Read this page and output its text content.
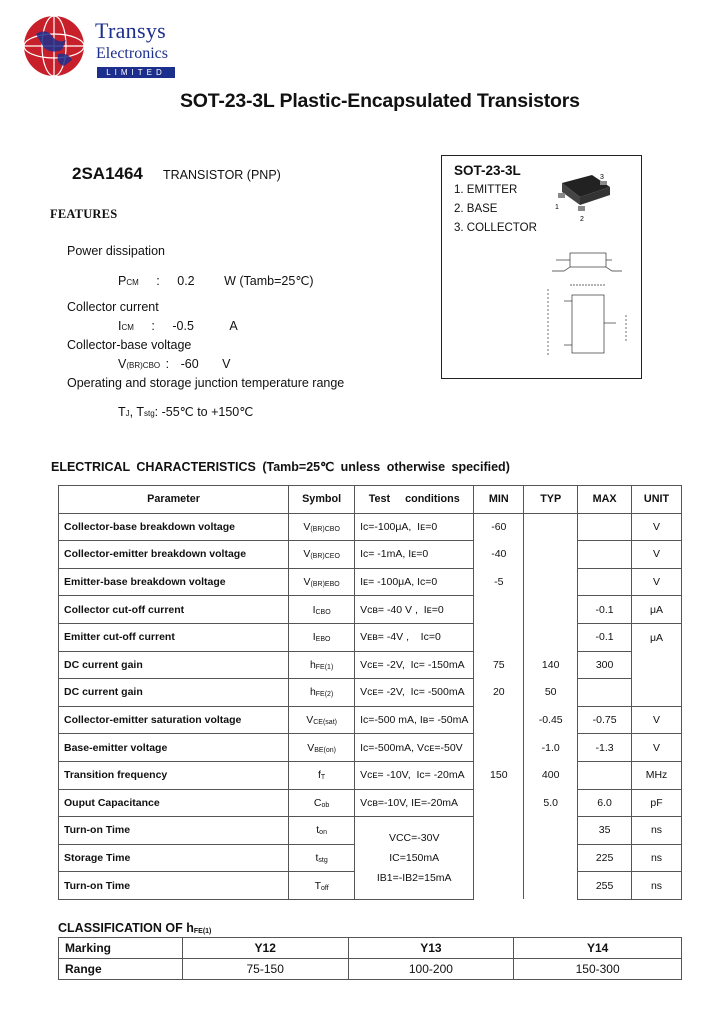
Transys
Electronics
LIMITED
SOT-23-3L Plastic-Encapsulated Transistors
2SA1464 TRANSISTOR (PNP)
FEATURES
Power dissipation
PCM : 0.2 W (Tamb=25℃)
Collector current
ICM : -0.5	A
Collector-base voltage
V(BR)CBO : -60 V
Operating and storage junction temperature range
TJ, Tstg: -55℃ to +150℃
SOT-23-3L
1. EMITTER
2. BASE
3. COLLECTOR
1
2
3
ELECTRICAL CHARACTERISTICS (Tamb=25℃ unless otherwise specified)
Parameter	Symbol	Test     conditions	MIN	TYP	MAX	UNIT
Collector-base breakdown voltage	V(BR)CBO	Iᴄ=-100μA,  Iᴇ=0	-60			V
Collector-emitter breakdown voltage	V(BR)CEO	Iᴄ= -1mA, Iᴇ=0	-40			V
Emitter-base breakdown voltage	V(BR)EBO	Iᴇ= -100μA, Iᴄ=0	-5			V
Collector cut-off current	ICBO	Vᴄʙ= -40 V ,  Iᴇ=0			-0.1	μA
Emitter cut-off current	IEBO	Vᴇʙ= -4V ,    Iᴄ=0			-0.1	μA
DC current gain	hFE(1)	Vᴄᴇ= -2V,  Iᴄ= -150mA	75	140	300	
DC current gain	hFE(2)	Vᴄᴇ= -2V,  Iᴄ= -500mA	20	50		
Collector-emitter saturation voltage	VCE(sat)	Iᴄ=-500 mA, Iʙ= -50mA		-0.45	-0.75	V
Base-emitter voltage	VBE(on)	Iᴄ=-500mA, Vᴄᴇ=-50V		-1.0	-1.3	V
Transition frequency	fT	Vᴄᴇ= -10V,  Iᴄ= -20mA	150	400		MHz
Ouput Capacitance	Cob	Vᴄʙ=-10V, IE=-20mA		5.0	6.0	pF
Turn-on Time	ton	VCC=-30V
IC=150mA
IB1=-IB2=15mA			35	ns
Storage Time	tstg				225	ns
Turn-on Time	Toff				255	ns
CLASSIFICATION OF hFE(1)
Marking	Y12	Y13	Y14
Range	75-150	100-200	150-300
